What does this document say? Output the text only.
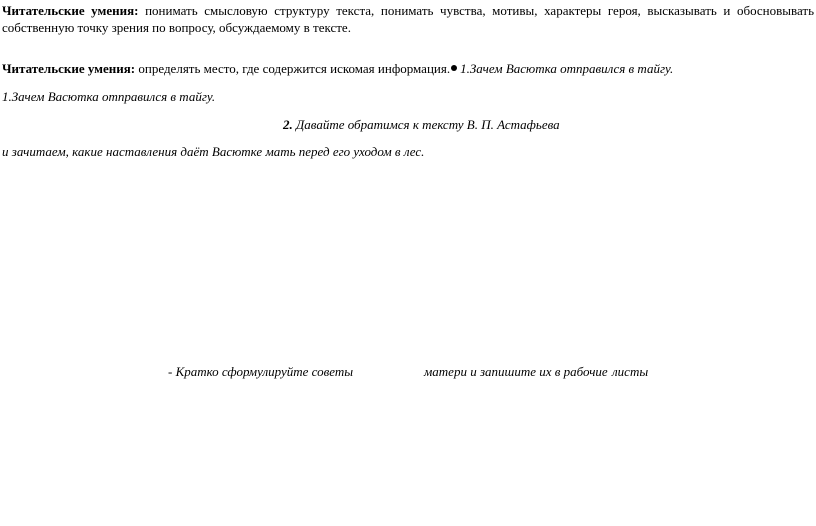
Читательские умения: понимать смысловую структуру текста, понимать чувства, мотивы, характеры героя, высказывать и обосновывать собственную точку зрения по вопросу, обсуждаемому в тексте.
Читательские умения: определять место, где содержится искомая информация. 1.Зачем Васютка отправился в тайгу.
1.Зачем Васютка отправился в тайгу.
2. Давайте обратимся к тексту В. П. Астафьева
и зачитаем, какие наставления даёт Васютке мать перед его уходом в лес.
- Кратко сформулируйте советы	матери и запишите их в рабочие листы
